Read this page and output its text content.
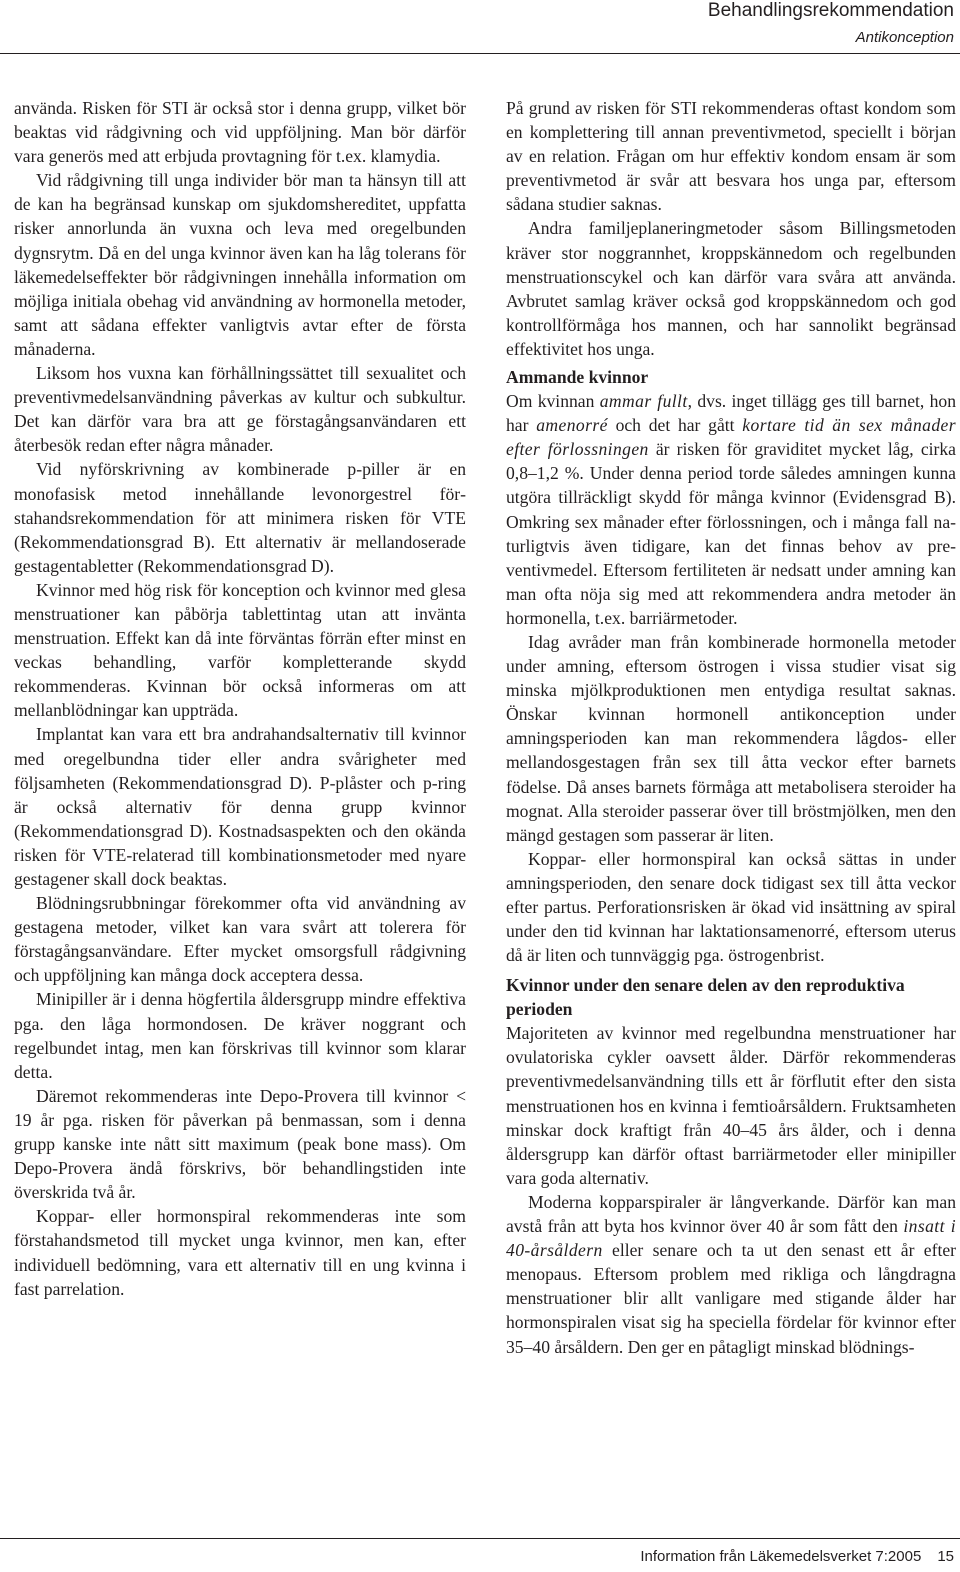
Behandlingsrekommendation
Antikonception

använda. Risken för STI är också stor i denna grupp, vilket bör beaktas vid rådgivning och vid uppföljning. Man bör därför vara generös med att erbjuda provtagning för t.ex. klamydia.

Vid rådgivning till unga individer bör man ta hänsyn till att de kan ha begränsad kunskap om sjukdomshereditet, uppfatta risker annorlunda än vuxna och leva med oregelbunden dygnsrytm. Då en del unga kvinnor även kan ha låg tolerans för läkemedelseffekter bör rådgivningen innehålla information om möjliga initiala obehag vid användning av hormonella metoder, samt att sådana effekter vanligtvis avtar efter de första månaderna.

Liksom hos vuxna kan förhållningssättet till sexualitet och preventivmedelsanvändning påverkas av kultur och subkultur. Det kan därför vara bra att ge förstagångsanvändaren ett återbesök redan efter några månader.

Vid nyförskrivning av kombinerade p-piller är en monofasisk metod innehållande levonorgestrel förstahandsrekommendation för att minimera risken för VTE (Rekommendationsgrad B). Ett alternativ är mellandoserade gestagentabletter (Rekommendationsgrad D).

Kvinnor med hög risk för konception och kvinnor med glesa menstruationer kan påbörja tablettintag utan att invänta menstruation. Effekt kan då inte förväntas förrän efter minst en veckas behandling, varför kompletterande skydd rekommenderas. Kvinnan bör också informeras om att mellanblödningar kan uppträda.

Implantat kan vara ett bra andrahandsalternativ till kvinnor med oregelbundna tider eller andra svårigheter med följsamheten (Rekommendationsgrad D). P-plåster och p-ring är också alternativ för denna grupp kvinnor (Rekommendationsgrad D). Kostnadsaspekten och den okända risken för VTE-relaterad till kombinationsmetoder med nyare gestagener skall dock beaktas.

Blödningsrubbningar förekommer ofta vid användning av gestagena metoder, vilket kan vara svårt att tolerera för förstagångsanvändare. Efter mycket omsorgsfull rådgivning och uppföljning kan många dock acceptera dessa.

Minipiller är i denna högfertila åldersgrupp mindre effektiva pga. den låga hormondosen. De kräver noggrant och regelbundet intag, men kan förskrivas till kvinnor som klarar detta.

Däremot rekommenderas inte Depo-Provera till kvinnor < 19 år pga. risken för påverkan på benmassan, som i denna grupp kanske inte nått sitt maximum (peak bone mass). Om Depo-Provera ändå förskrivs, bör behandlingstiden inte överskrida två år.

Koppar- eller hormonspiral rekommenderas inte som förstahandsmetod till mycket unga kvinnor, men kan, efter individuell bedömning, vara ett alternativ till en ung kvinna i fast parrelation.

På grund av risken för STI rekommenderas oftast kondom som en komplettering till annan preventivmetod, speciellt i början av en relation. Frågan om hur effektiv kondom ensam är som preventivmetod är svår att besvara hos unga par, eftersom sådana studier saknas.

Andra familjeplaneringmetoder såsom Billingsmetoden kräver stor noggrannhet, kroppskännedom och regelbunden menstruationscykel och kan därför vara svåra att använda. Avbrutet samlag kräver också god kroppskännedom och god kontrollförmåga hos mannen, och har sannolikt begränsad effektivitet hos unga.

Ammande kvinnor

Om kvinnan ammar fullt, dvs. inget tillägg ges till barnet, hon har amenorré och det har gått kortare tid än sex månader efter förlossningen är risken för graviditet mycket låg, cirka 0,8–1,2 %. Under denna period torde således amningen kunna utgöra tillräckligt skydd för många kvinnor (Evidensgrad B). Omkring sex månader efter förlossningen, och i många fall naturligtvis även tidigare, kan det finnas behov av preventivmedel. Eftersom fertiliteten är nedsatt under amning kan man ofta nöja sig med att rekommendera andra metoder än hormonella, t.ex. barriärmetoder.

Idag avråder man från kombinerade hormonella metoder under amning, eftersom östrogen i vissa studier visat sig minska mjölkproduktionen men entydiga resultat saknas. Önskar kvinnan hormonell antikonception under amningsperioden kan man rekommendera lågdos- eller mellandosgestagen från sex till åtta veckor efter barnets födelse. Då anses barnets förmåga att metabolisera steroider ha mognat. Alla steroider passerar över till bröstmjölken, men den mängd gestagen som passerar är liten.

Koppar- eller hormonspiral kan också sättas in under amningsperioden, den senare dock tidigast sex till åtta veckor efter partus. Perforationsrisken är ökad vid insättning av spiral under den tid kvinnan har laktationsamenorré, eftersom uterus då är liten och tunnväggig pga. östrogenbrist.

Kvinnor under den senare delen av den reproduktiva perioden

Majoriteten av kvinnor med regelbundna menstruationer har ovulatoriska cykler oavsett ålder. Därför rekommenderas preventivmedelsanvändning tills ett år förflutit efter den sista menstruationen hos en kvinna i femtioårsåldern. Fruktsamheten minskar dock kraftigt från 40–45 års ålder, och i denna åldersgrupp kan därför oftast barriärmetoder eller minipiller vara goda alternativ.

Moderna kopparspiraler är långverkande. Därför kan man avstå från att byta hos kvinnor över 40 år som fått den insatt i 40-årsåldern eller senare och ta ut den senast ett år efter menopaus. Eftersom problem med rikliga och långdragna menstruationer blir allt vanligare med stigande ålder har hormonspiralen visat sig ha speciella fördelar för kvinnor efter 35–40 årsåldern. Den ger en påtagligt minskad blödnings-

Information från Läkemedelsverket 7:2005 15
